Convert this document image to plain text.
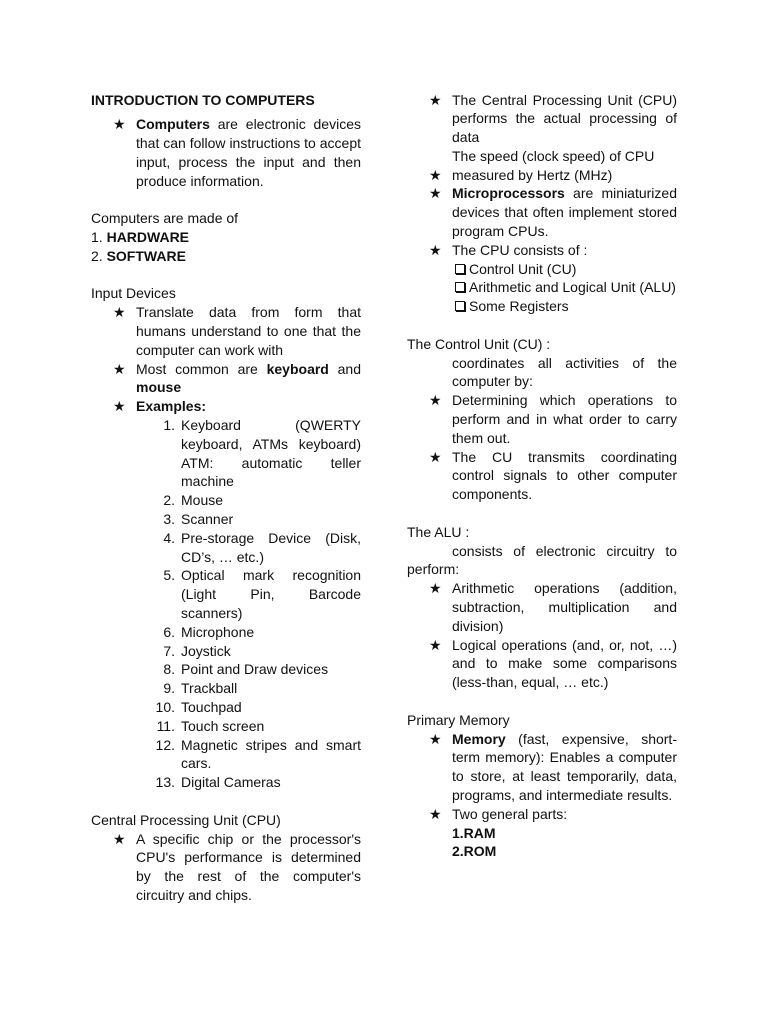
INTRODUCTION TO COMPUTERS
★ Computers are electronic devices that can follow instructions to accept input, process the input and then produce information.
Computers are made of
1. HARDWARE
2. SOFTWARE
Input Devices
★ Translate data from form that humans understand to one that the computer can work with
★ Most common are keyboard and mouse
★ Examples:
1. Keyboard (QWERTY keyboard, ATMs keyboard) ATM: automatic teller machine
2. Mouse
3. Scanner
4. Pre-storage Device (Disk, CD’s, … etc.)
5. Optical mark recognition (Light Pin, Barcode scanners)
6. Microphone
7. Joystick
8. Point and Draw devices
9. Trackball
10. Touchpad
11. Touch screen
12. Magnetic stripes and smart cars.
13. Digital Cameras
Central Processing Unit (CPU)
★ A specific chip or the processor's CPU's performance is determined by the rest of the computer's circuitry and chips.
★ The Central Processing Unit (CPU) performs the actual processing of data
The speed (clock speed) of CPU
★ measured by Hertz (MHz)
★ Microprocessors are miniaturized devices that often implement stored program CPUs.
★ The CPU consists of :
Control Unit (CU)
Arithmetic and Logical Unit (ALU)
Some Registers
The Control Unit (CU) :
coordinates all activities of the computer by:
★ Determining which operations to perform and in what order to carry them out.
★ The CU transmits coordinating control signals to other computer components.
The ALU :
consists of electronic circuitry to
perform:
★ Arithmetic operations (addition, subtraction, multiplication and division)
★ Logical operations (and, or, not, …) and to make some comparisons (less-than, equal, … etc.)
Primary Memory
★ Memory (fast, expensive, short-term memory): Enables a computer to store, at least temporarily, data, programs, and intermediate results.
★ Two general parts:
1.RAM
2.ROM
